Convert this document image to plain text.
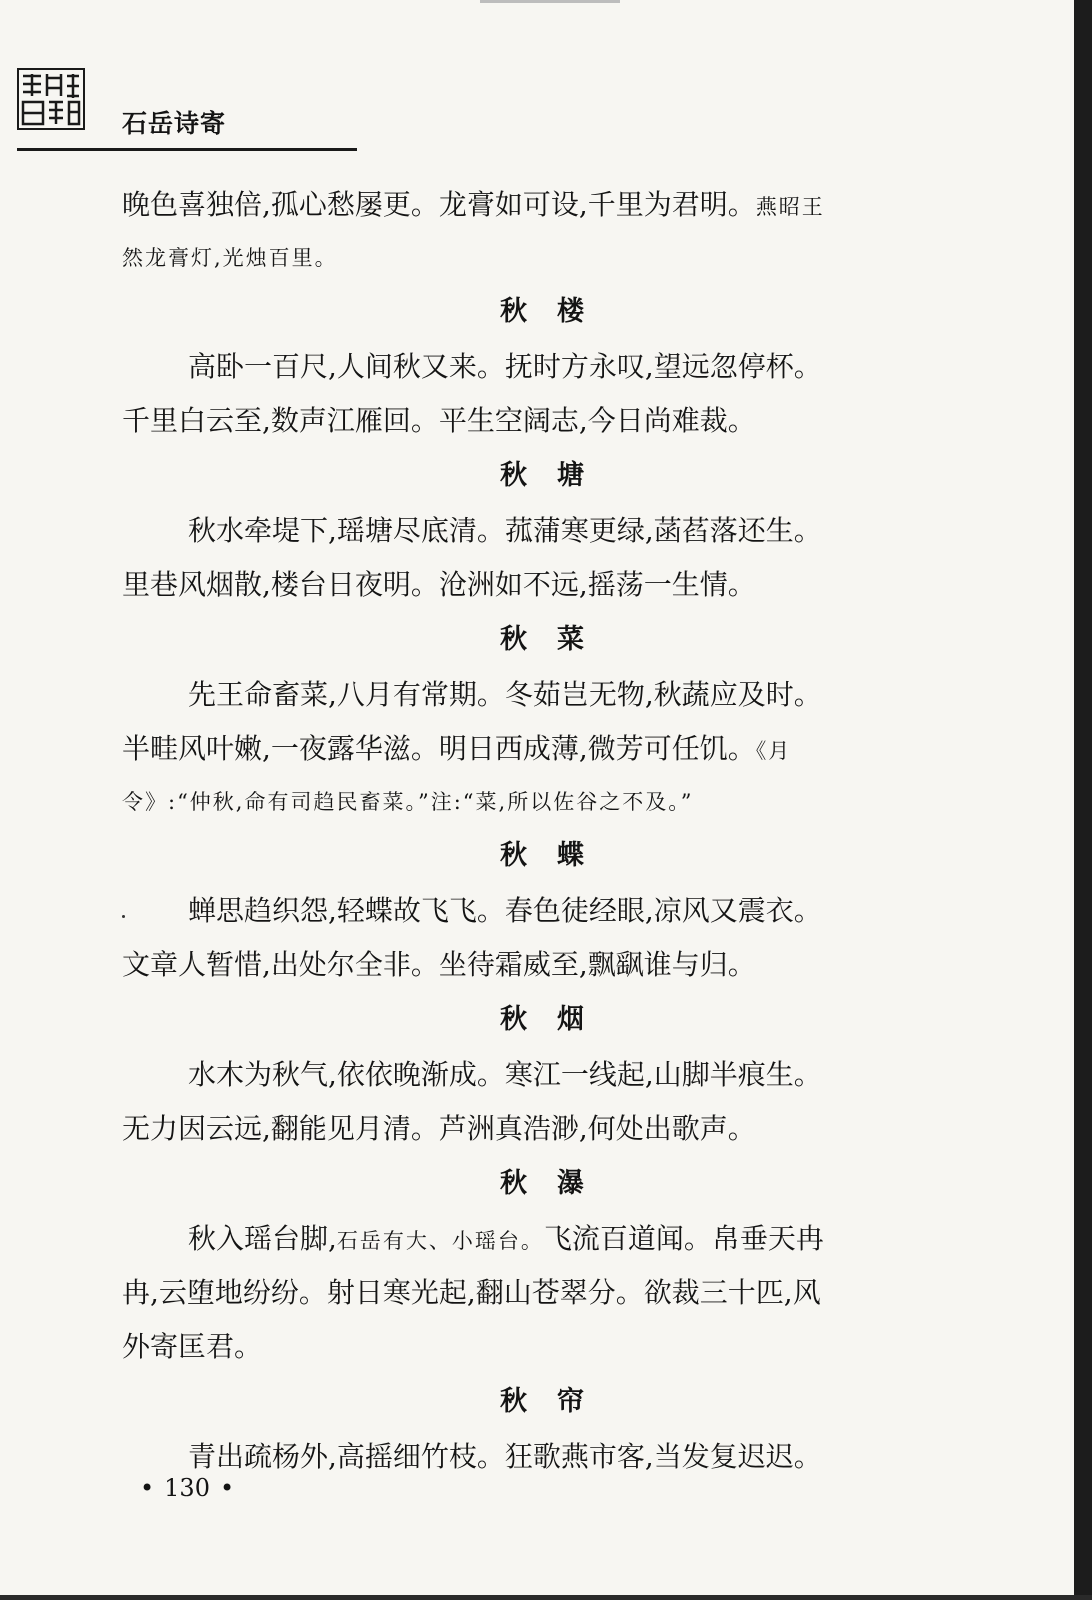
石岳诗寄
晚色喜独倍,孤心愁屡更。龙膏如可设,千里为君明。燕昭王
然龙膏灯,光烛百里。
秋 楼
高卧一百尺,人间秋又来。抚时方永叹,望远忽停杯。
千里白云至,数声江雁回。平生空阔志,今日尚难裁。
秋 塘
秋水牵堤下,瑶塘尽底清。菰蒲寒更绿,菡萏落还生。
里巷风烟散,楼台日夜明。沧洲如不远,摇荡一生情。
秋 菜
先王命畜菜,八月有常期。冬茹岂无物,秋蔬应及时。
半畦风叶嫩,一夜露华滋。明日西成薄,微芳可任饥。《月
令》:“仲秋,命有司趋民畜菜。”注:“菜,所以佐谷之不及。”
秋 蝶
蝉思趋织怨,轻蝶故飞飞。春色徒经眼,凉风又震衣。
文章人暂惜,出处尔全非。坐待霜威至,飘飖谁与归。
秋 烟
水木为秋气,依依晚渐成。寒江一线起,山脚半痕生。
无力因云远,翻能见月清。芦洲真浩渺,何处出歌声。
秋 瀑
秋入瑶台脚,石岳有大、小瑶台。飞流百道闻。帛垂天冉
冉,云堕地纷纷。射日寒光起,翻山苍翠分。欲裁三十匹,风
外寄匡君。
秋 帘
青出疏杨外,高摇细竹枝。狂歌燕市客,当发复迟迟。
• 130 •
